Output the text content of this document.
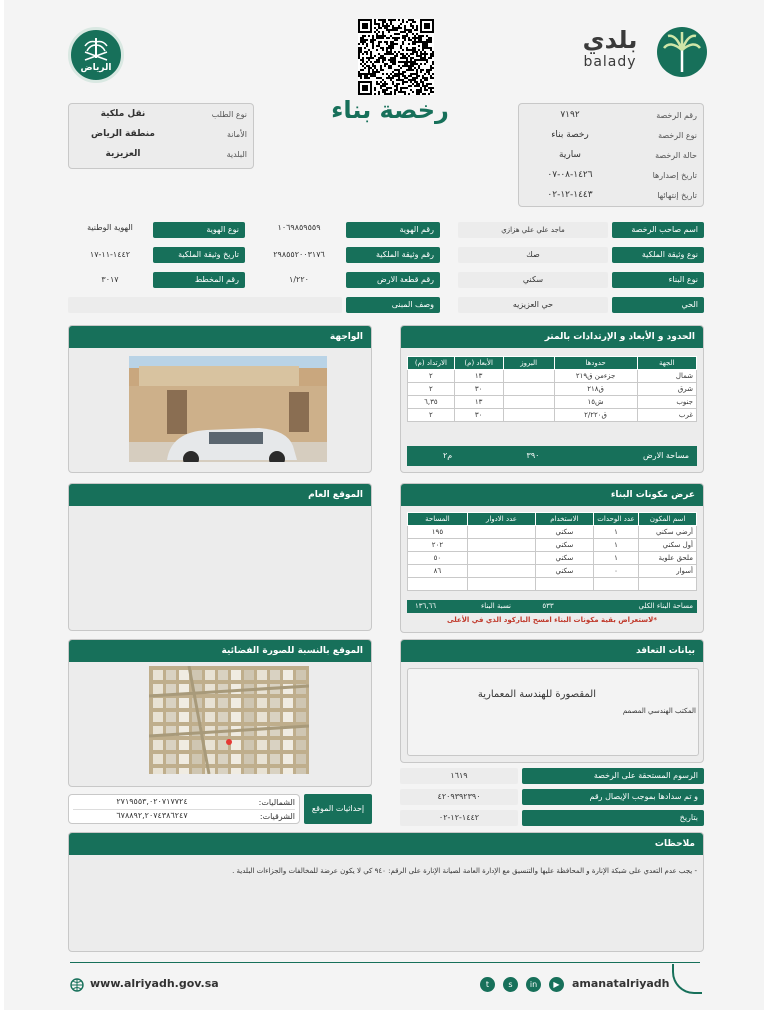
الرياض
بلدي
balady
رخصة بناء
نوع الطلب
نقل ملكية
الأمانة
منطقة الرياض
البلدية
العزيزية
رقم الرخصة
٧١٩٢
نوع الرخصة
رخصة بناء
حالة الرخصة
سارية
تاريخ إصدارها
١٤٢٦-٠٨-٠٧
تاريخ إنتهائها
١٤٤٣-١٢-٠٢
اسم صاحب الرخصة
ماجد علي علي هزازي
رقم الهوية
١٠٦٩٨٥٩٥٥٩
نوع الهوية
الهوية الوطنية
نوع وثيقة الملكية
صك
رقم وثيقة الملكية
٢٩٨٥٥٢٠٠٣١٧٦
تاريخ وثيقة الملكية
١٤٤٢-١١-١٧
نوع البناء
سكني
رقم قطعة الارض
١/٢٢٠
رقم المخطط
٣٠١٧
الحي
حي العزيزيه
وصف المبنى
الحدود و الأبعاد و الإرتدادات بالمتر
الجهة	حدودها	البروز	الأبعاد (م)	الارتداد (م)
شمال	جزءمن ق٢١٩		١٣	٢
شرق	ق٢١٨		٣٠	٢
جنوب	ش١٥		١٣	٦,٣٥
غرب	ق٢/٢٢٠		٣٠	٢
مساحة الارض
٣٩٠
م٢
الواجهة
عرض مكونات البناء
اسم المكون	عدد الوحدات	الاستخدام	عدد الادوار	المساحة
أرضي سكني	١	سكني		١٩٥
أول سكني	١	سكني		٢٠٢
ملحق علوية	١	سكني		٥٠
أسوار	٠	سكني		٨٦

مساحة البناء الكلي
٥٣٣
نسبة البناء
١٣٦,٦٦
*لاستعراض بقية مكونات البناء امسح الباركود الذي في الأعلى
الموقع العام
الموقع بالنسبة للصورة الفضائية
إحداثيات الموقع
الشماليات:
٢٧١٩٥٥٣,٠٢٠٧١٧٧٢٤
الشرقيات:
٦٧٨٨٩٢,٢٠٧٤٣٨٦٢٤٧
بيانات التعاقد
المكتب الهندسي المصمم
المقصورة للهندسة المعمارية
الرسوم المستحقة على الرخصة
١٦١٩
و تم سدادها بموجب الإيصال رقم
٤٢٠٩٣٩٢٣٩٠
بتاريخ
١٤٤٢-١٢-٠٢
ملاحظات
- يجب عدم التعدي على شبكة الإنارة و المحافظة عليها والتنسيق مع الإدارة العامة لصيانة الإنارة على الرقم: ٩٤٠ كي لا يكون عرضة للمخالفات والجزاءات البلدية .
www.alriyadh.gov.sa	t	s	in	▶	amanatalriyadh
